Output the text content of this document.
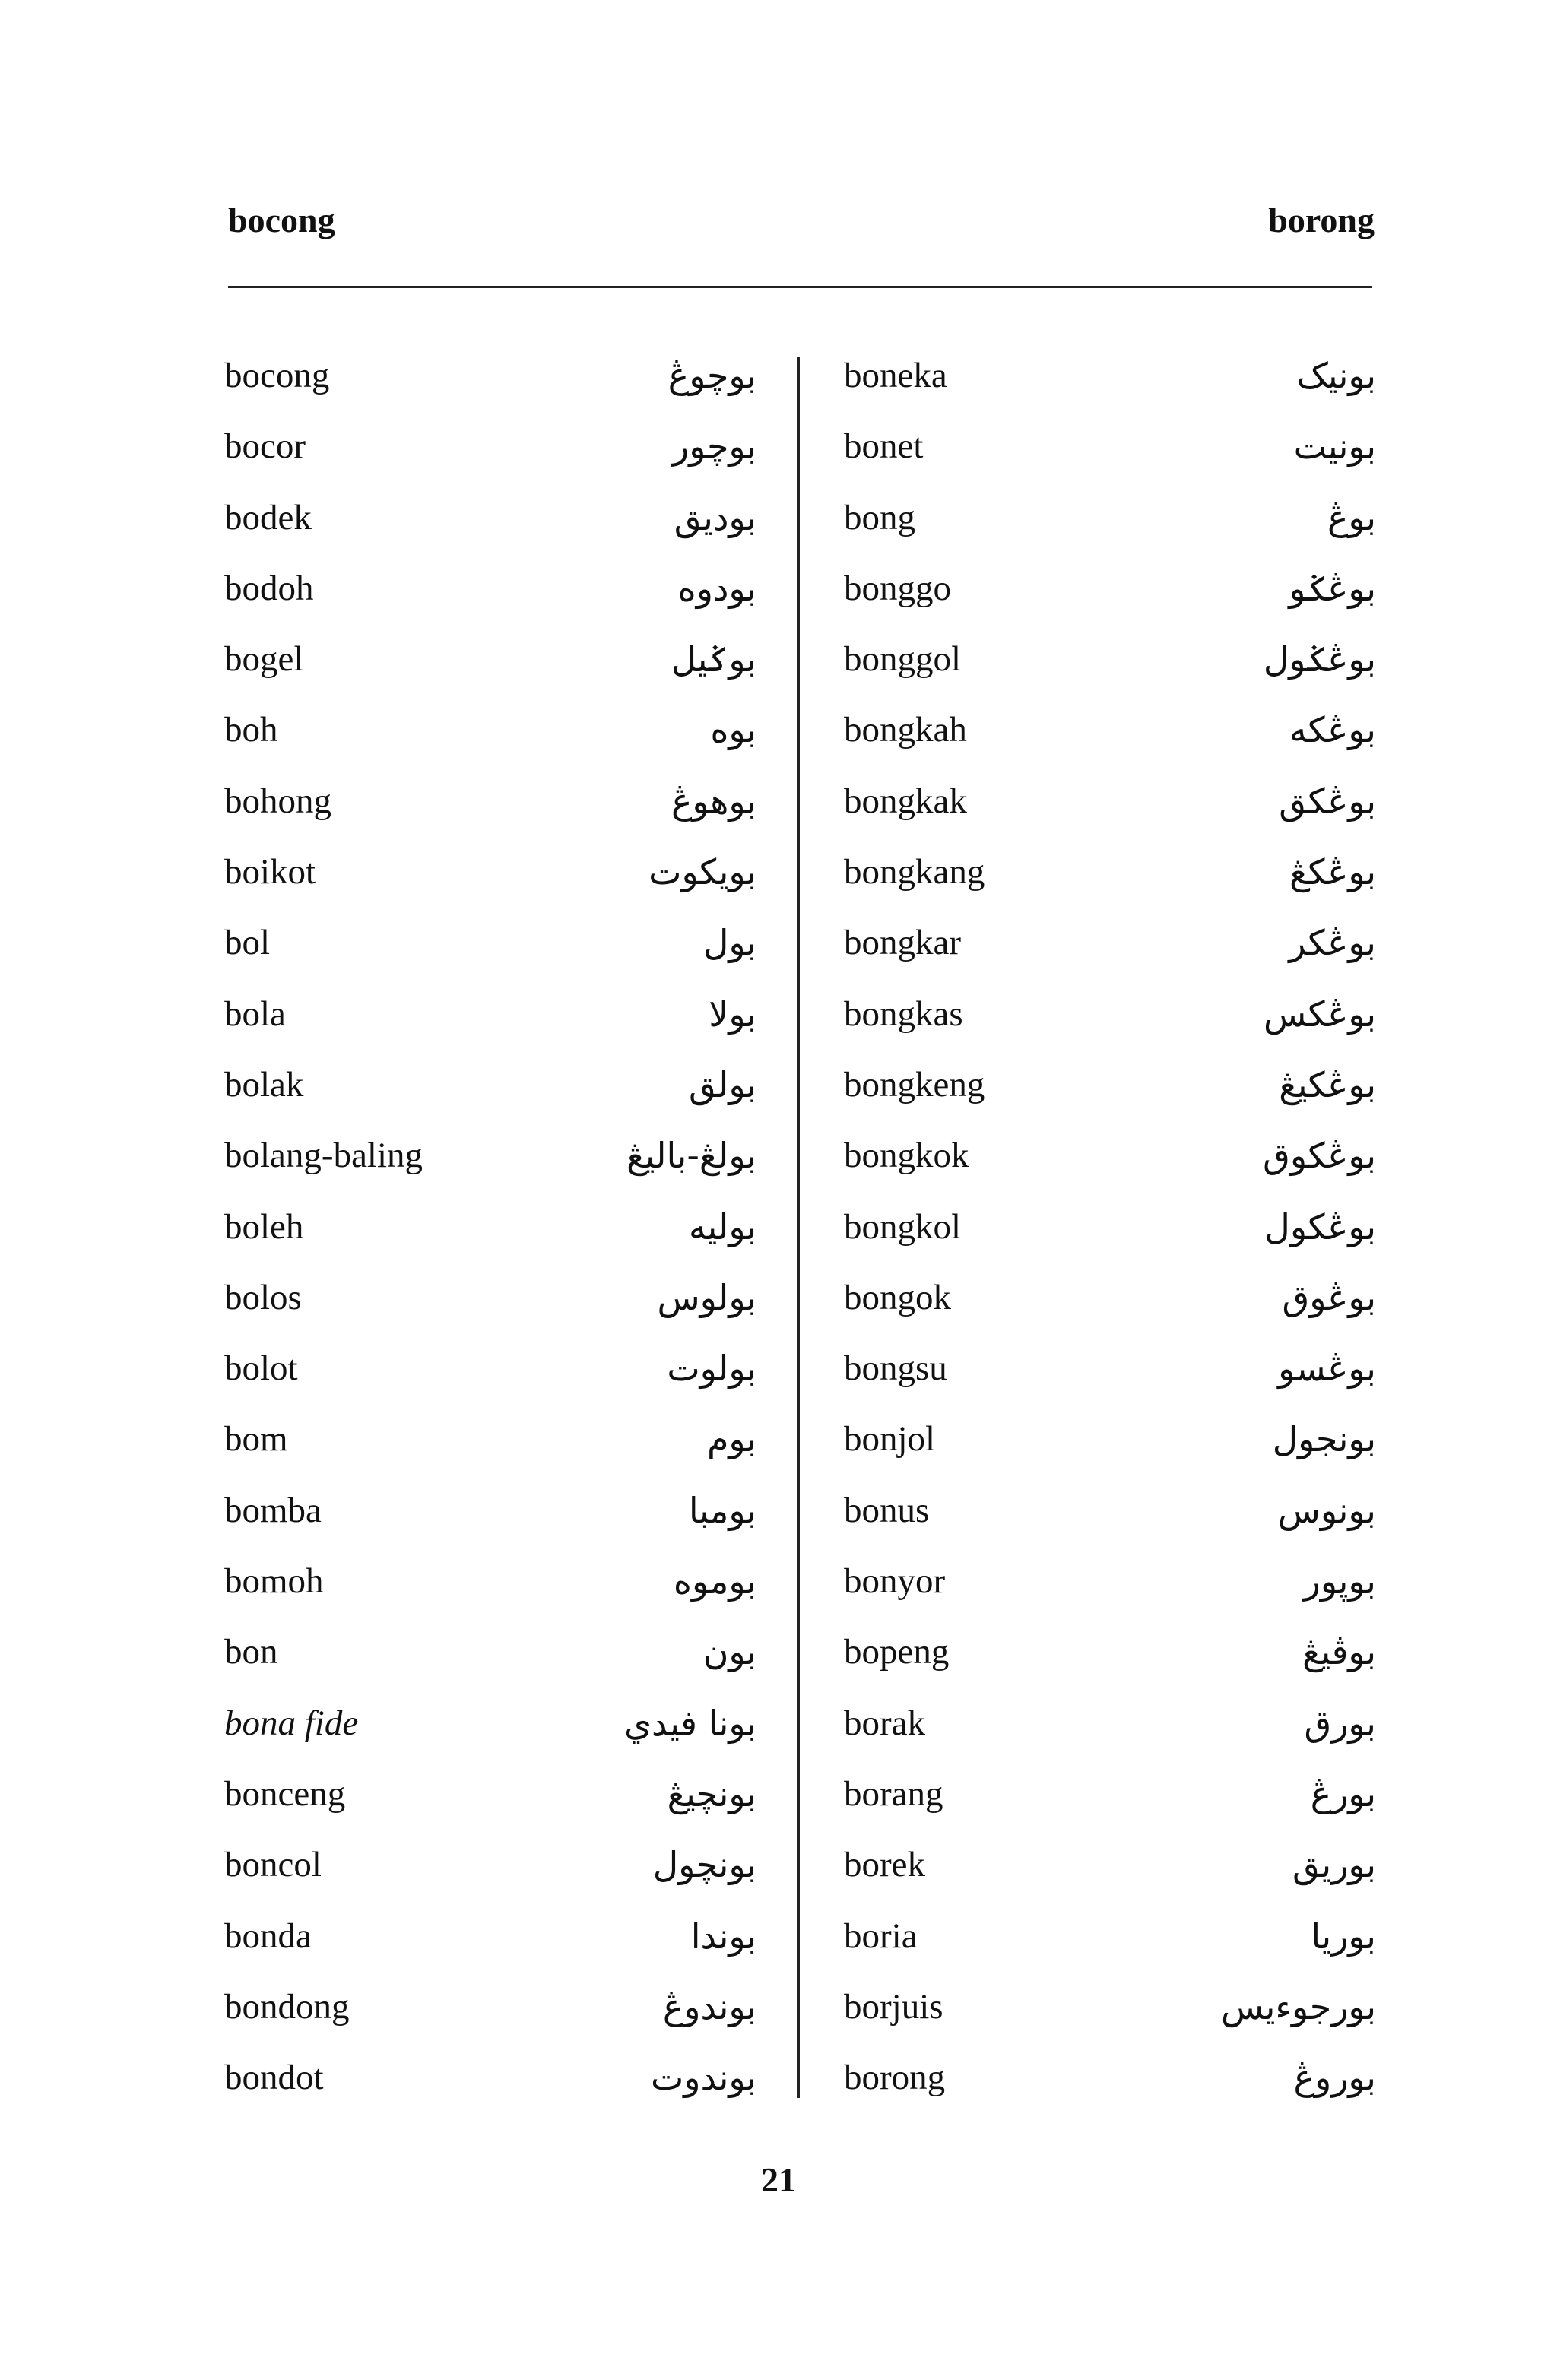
bocong	borong
bocong	بوچوڠ
bocor	بوچور
bodek	بوديق
bodoh	بودوه
bogel	بوݢيل
boh	بوه
bohong	بوهوڠ
boikot	بويکوت
bol	بول
bola	بولا
bolak	بولق
bolang-baling	بولڠ-باليڠ
boleh	بوليه
bolos	بولوس
bolot	بولوت
bom	بوم
bomba	بومبا
bomoh	بوموه
bon	بون
bona fide	بونا فيدي
bonceng	بونچيڠ
boncol	بونچول
bonda	بوندا
bondong	بوندوڠ
bondot	بوندوت
boneka	بونيک
bonet	بونيت
bong	بوڠ
bonggo	بوڠݢو
bonggol	بوڠݢول
bongkah	بوڠکه
bongkak	بوڠکق
bongkang	بوڠکڠ
bongkar	بوڠکر
bongkas	بوڠکس
bongkeng	بوڠکيڠ
bongkok	بوڠکوق
bongkol	بوڠکول
bongok	بوڠوق
bongsu	بوڠسو
bonjol	بونجول
bonus	بونوس
bonyor	بوڽور
bopeng	بوڤيڠ
borak	بورق
borang	بورڠ
borek	بوريق
boria	بوريا
borjuis	بورجوءيس
borong	بوروڠ
21
